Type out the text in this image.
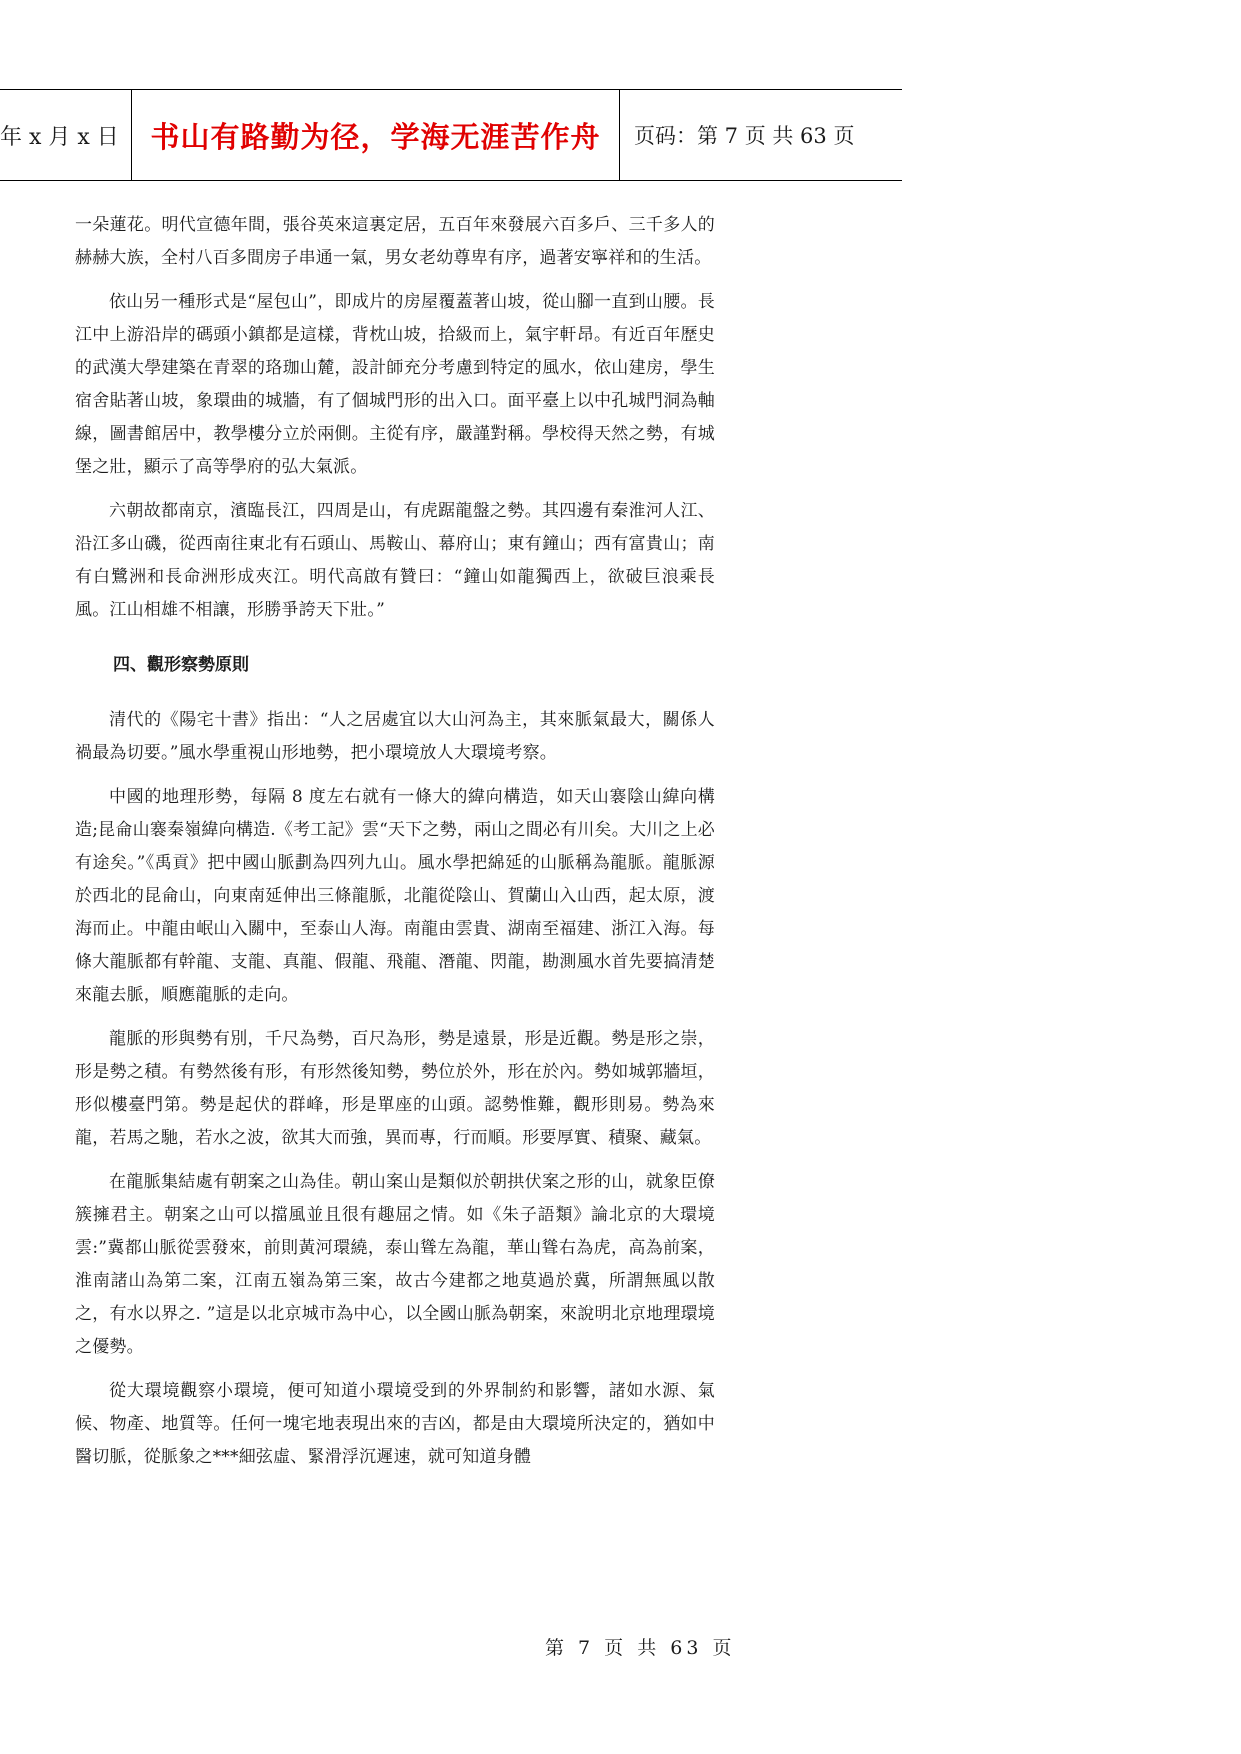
年 x 月 x 日	书山有路勤为径，学海无涯苦作舟	页码：第 7 页 共 63 页

一朵蓮花。明代宣德年間，張谷英來這裏定居，五百年來發展六百多戶、三千多人的赫赫大族，全村八百多間房子串通一氣，男女老幼尊卑有序，過著安寧祥和的生活。

依山另一種形式是“屋包山”，即成片的房屋覆蓋著山坡，從山腳一直到山腰。長江中上游沿岸的碼頭小鎮都是這樣，背枕山坡，拾級而上，氣宇軒昂。有近百年歷史的武漢大學建築在青翠的珞珈山麓，設計師充分考慮到特定的風水，依山建房，學生宿舍貼著山坡，象環曲的城牆，有了個城門形的出入口。面平臺上以中孔城門洞為軸線，圖書館居中，教學樓分立於兩側。主從有序，嚴謹對稱。學校得天然之勢，有城堡之壯，顯示了高等學府的弘大氣派。

六朝故都南京，濱臨長江，四周是山，有虎踞龍盤之勢。其四邊有秦淮河人江、沿江多山磯，從西南往東北有石頭山、馬鞍山、幕府山；東有鐘山；西有富貴山；南有白鷺洲和長命洲形成夾江。明代高啟有贊曰：“鐘山如龍獨西上，欲破巨浪乘長風。江山相雄不相讓，形勝爭誇天下壯。”

四、觀形察勢原則

清代的《陽宅十書》指出：“人之居處宜以大山河為主，其來脈氣最大，關係人禍最為切要。”風水學重視山形地勢，把小環境放人大環境考察。

中國的地理形勢，每隔 8 度左右就有一條大的緯向構造，如天山褰陰山緯向構造;昆侖山褰秦嶺緯向構造.《考工記》雲“天下之勢，兩山之間必有川矣。大川之上必有途矣。”《禹貢》把中國山脈劃為四列九山。風水學把綿延的山脈稱為龍脈。龍脈源於西北的昆侖山，向東南延伸出三條龍脈，北龍從陰山、賀蘭山入山西，起太原，渡海而止。中龍由岷山入關中，至泰山人海。南龍由雲貴、湖南至福建、浙江入海。每條大龍脈都有幹龍、支龍、真龍、假龍、飛龍、潛龍、閃龍，勘測風水首先要搞清楚來龍去脈，順應龍脈的走向。

龍脈的形與勢有別，千尺為勢，百尺為形，勢是遠景，形是近觀。勢是形之崇，形是勢之積。有勢然後有形，有形然後知勢，勢位於外，形在於內。勢如城郭牆垣，形似樓臺門第。勢是起伏的群峰，形是單座的山頭。認勢惟難，觀形則易。勢為來龍，若馬之馳，若水之波，欲其大而強，異而專，行而順。形要厚實、積聚、藏氣。

在龍脈集結處有朝案之山為佳。朝山案山是類似於朝拱伏案之形的山，就象臣僚簇擁君主。朝案之山可以擋風並且很有趣屈之情。如《朱子語類》論北京的大環境雲:”冀都山脈從雲發來，前則黃河環繞，泰山聳左為龍，華山聳右為虎，高為前案，淮南諸山為第二案，江南五嶺為第三案，故古今建都之地莫過於冀，所謂無風以散之，有水以界之. ”這是以北京城市為中心，以全國山脈為朝案，來說明北京地理環境之優勢。

從大環境觀察小環境，便可知道小環境受到的外界制約和影響，諸如水源、氣候、物產、地質等。任何一塊宅地表現出來的吉凶，都是由大環境所決定的，猶如中醫切脈，從脈象之***細弦虛、緊滑浮沉遲速，就可知道身體

第 7 页 共 63 页
